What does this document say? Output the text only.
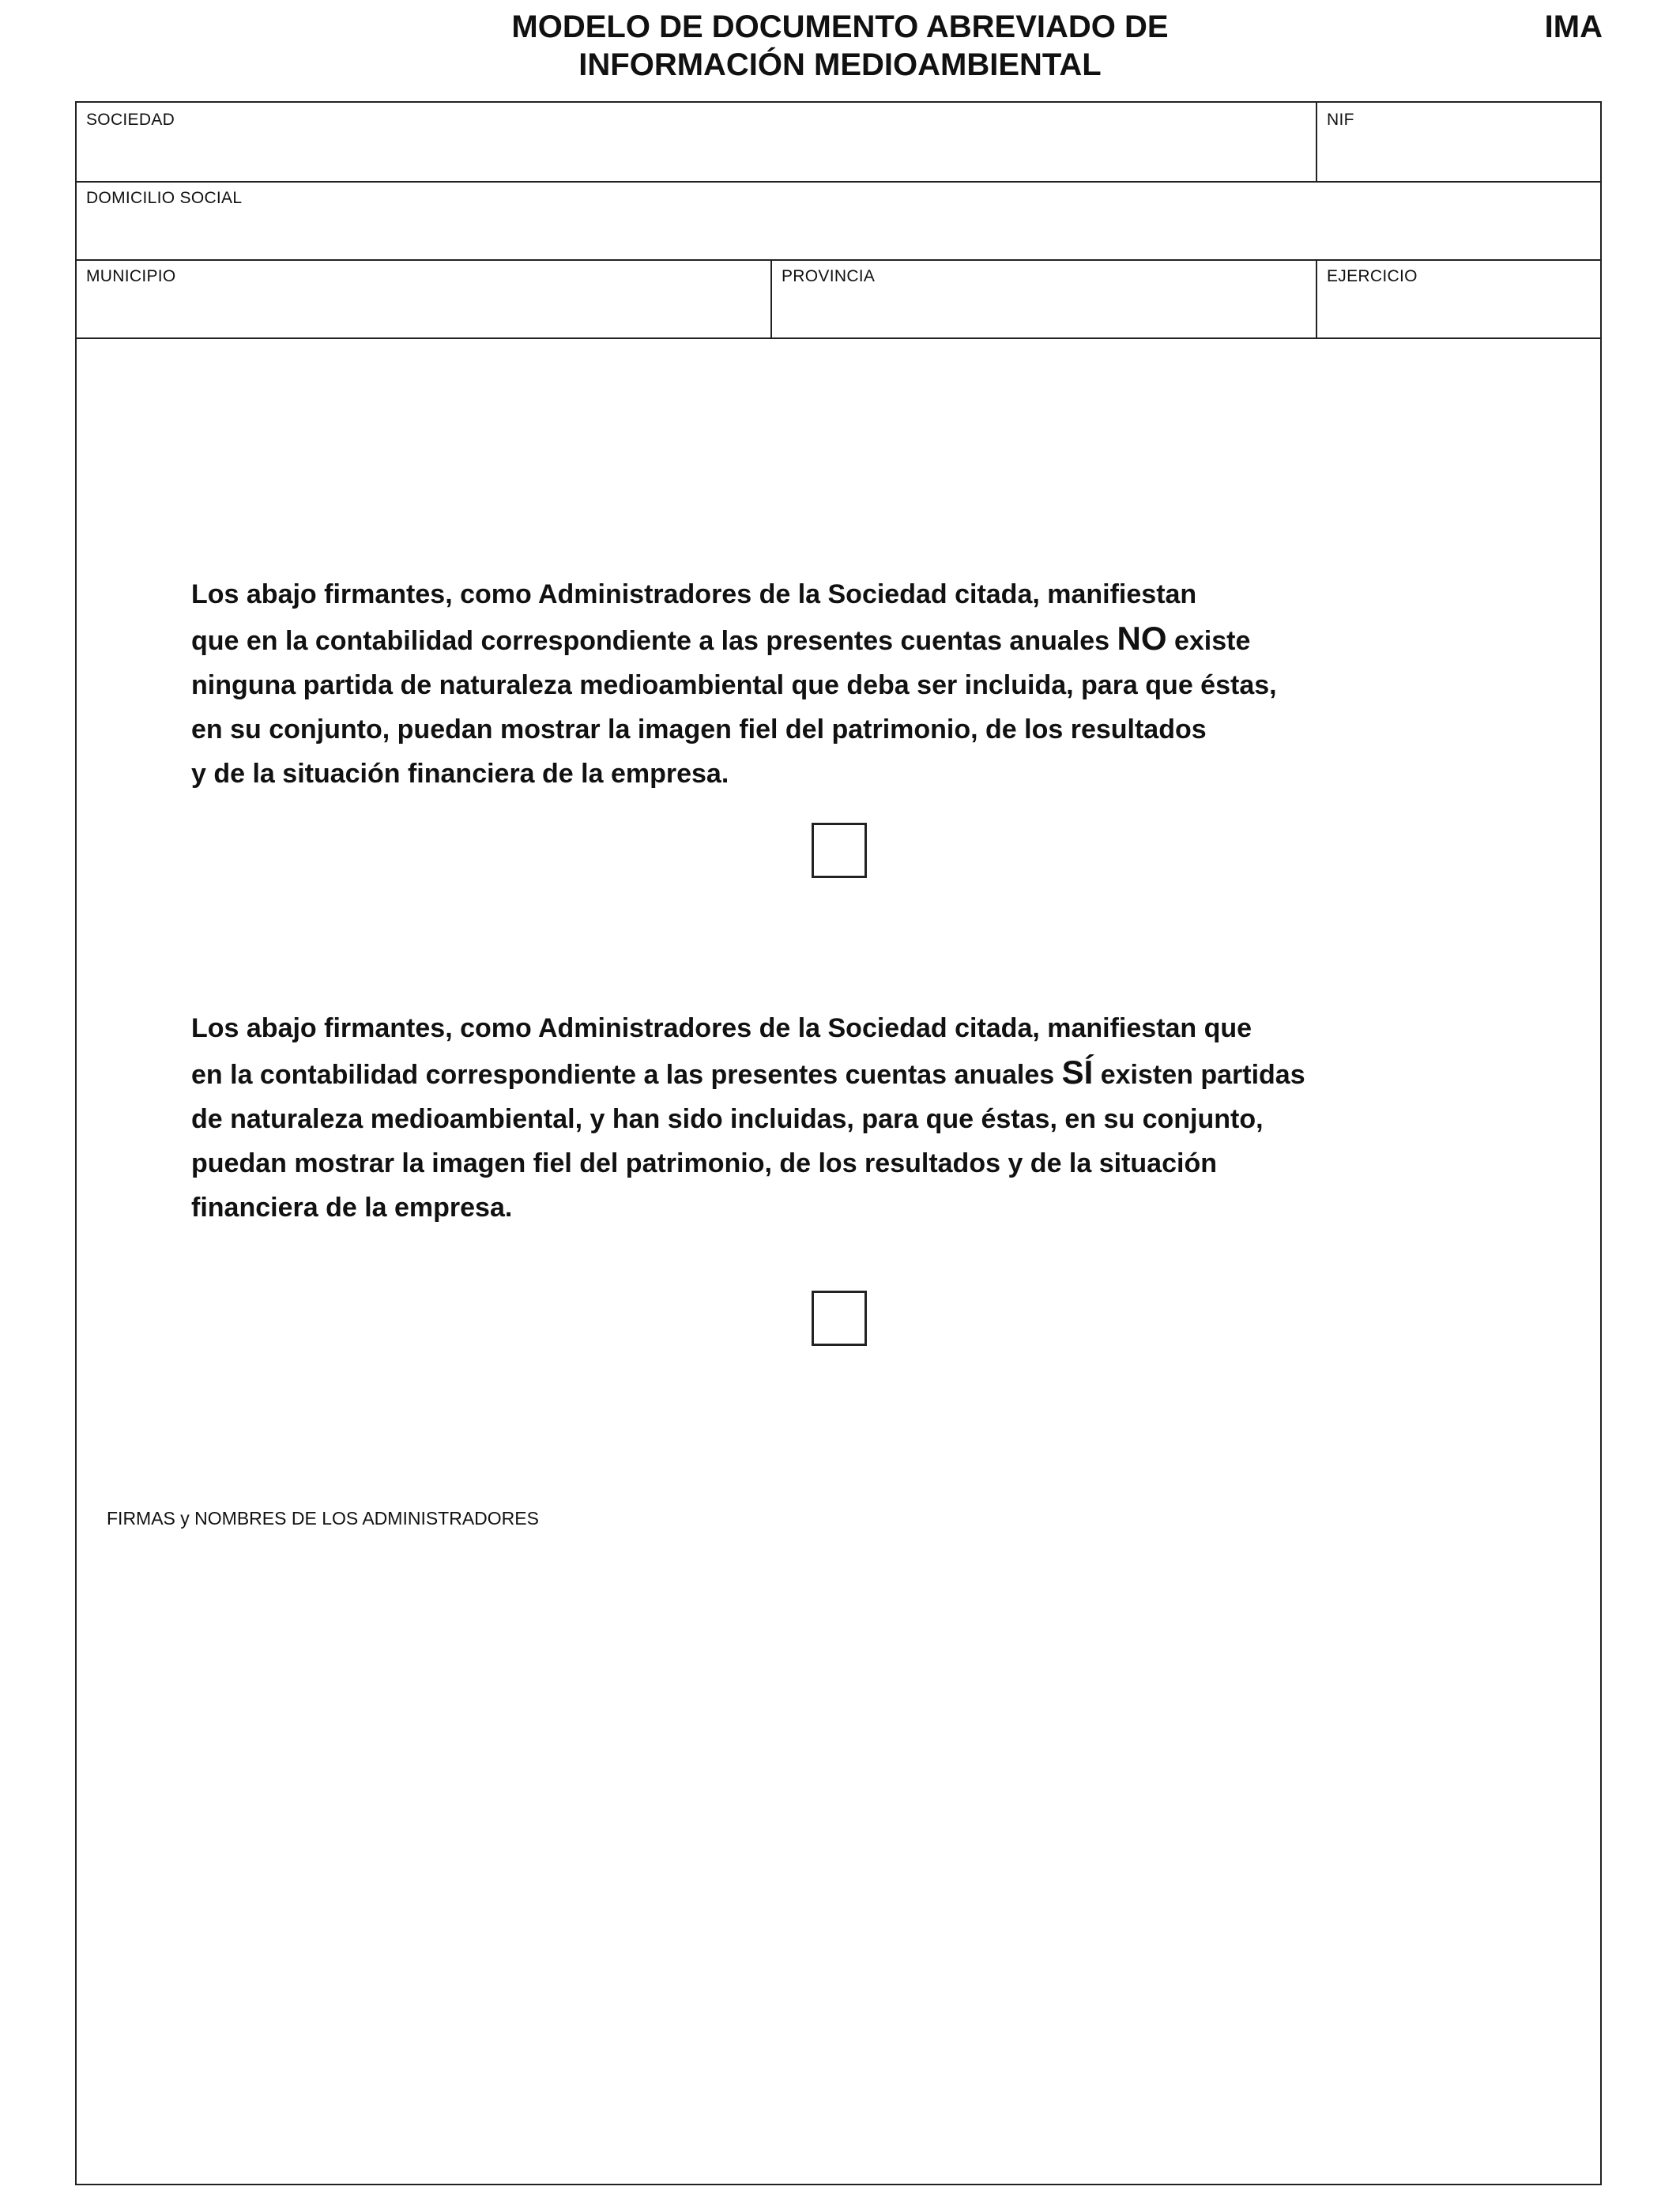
MODELO DE DOCUMENTO ABREVIADO DE
INFORMACIÓN MEDIOAMBIENTAL
IMA
SOCIEDAD	NIF
DOMICILIO SOCIAL
MUNICIPIO	PROVINCIA	EJERCICIO
Los abajo firmantes, como Administradores de la Sociedad citada, manifiestan
que en la contabilidad correspondiente a las presentes cuentas anuales NO existe
ninguna partida de naturaleza medioambiental que deba ser incluida, para que éstas,
en su conjunto, puedan mostrar la imagen fiel del patrimonio, de los resultados
y de la situación financiera de la empresa.
Los abajo firmantes, como Administradores de la Sociedad citada, manifiestan que
en la contabilidad correspondiente a las presentes cuentas anuales SÍ existen partidas
de naturaleza medioambiental, y han sido incluidas, para que éstas, en su conjunto,
puedan mostrar la imagen fiel del patrimonio, de los resultados y de la situación
financiera de la empresa.
FIRMAS y NOMBRES DE LOS ADMINISTRADORES
